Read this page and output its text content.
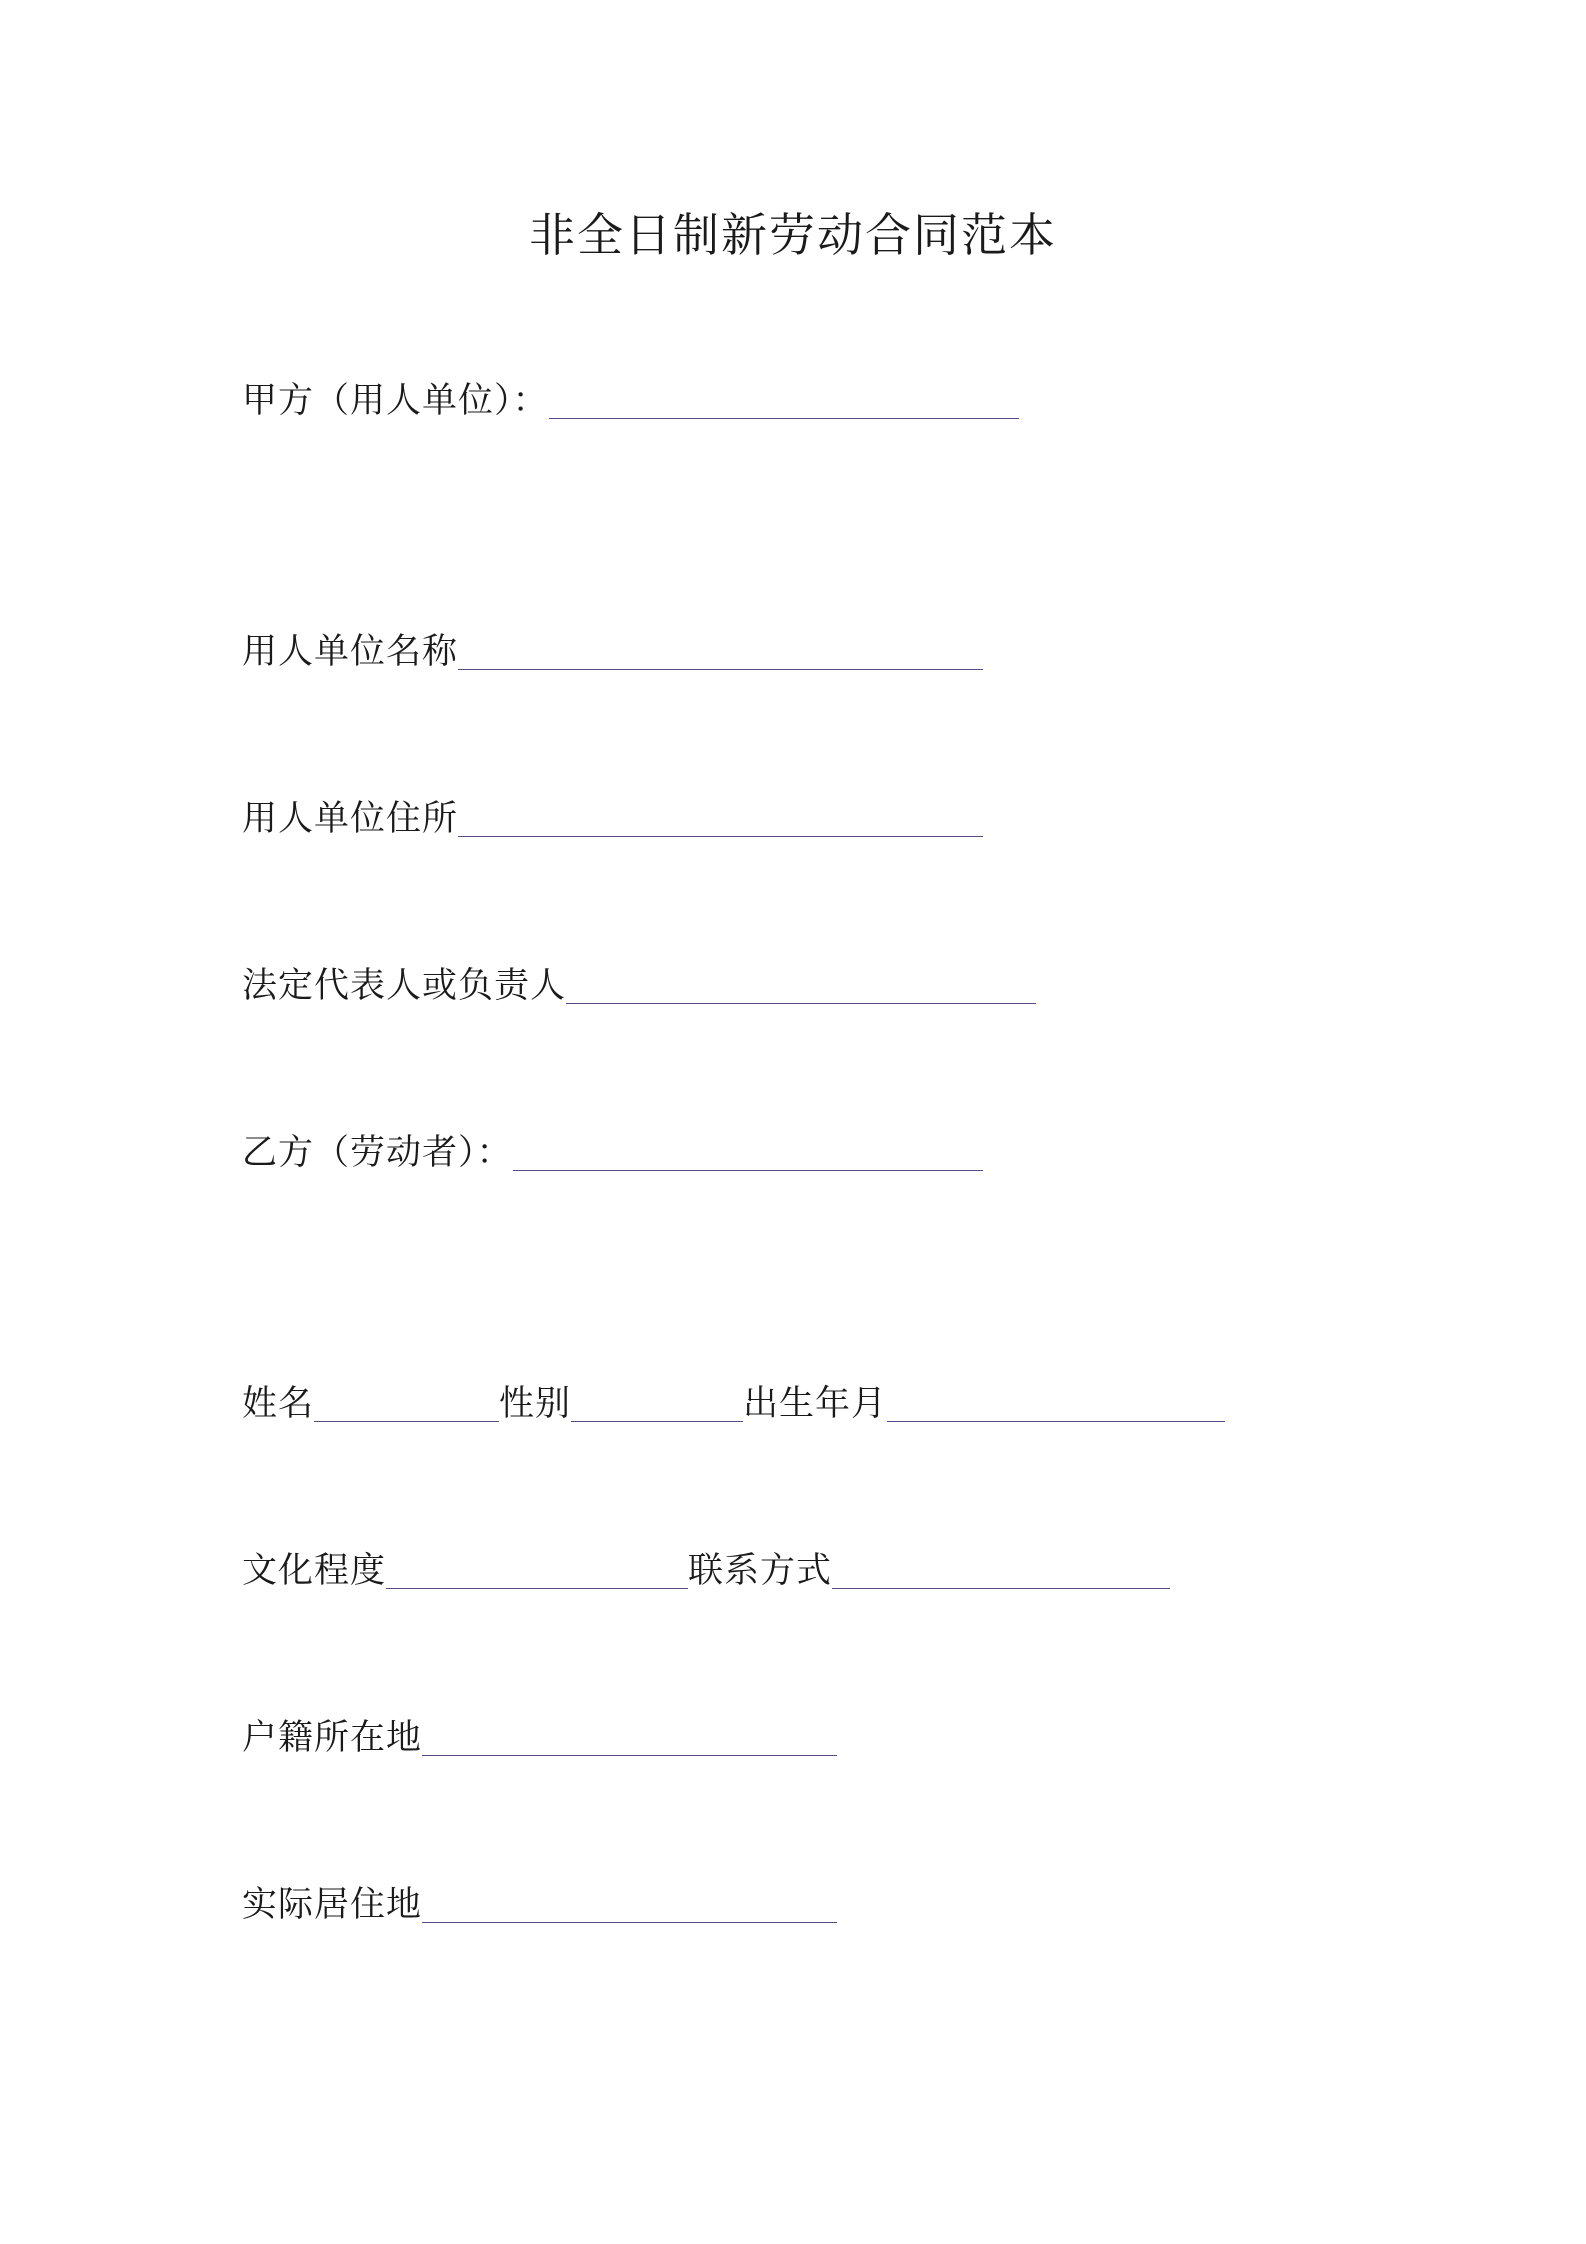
非全日制新劳动合同范本
甲方（用人单位）：
用人单位名称
用人单位住所
法定代表人或负责人
乙方（劳动者）：
姓名	性别	出生年月
文化程度	联系方式
户籍所在地
实际居住地
